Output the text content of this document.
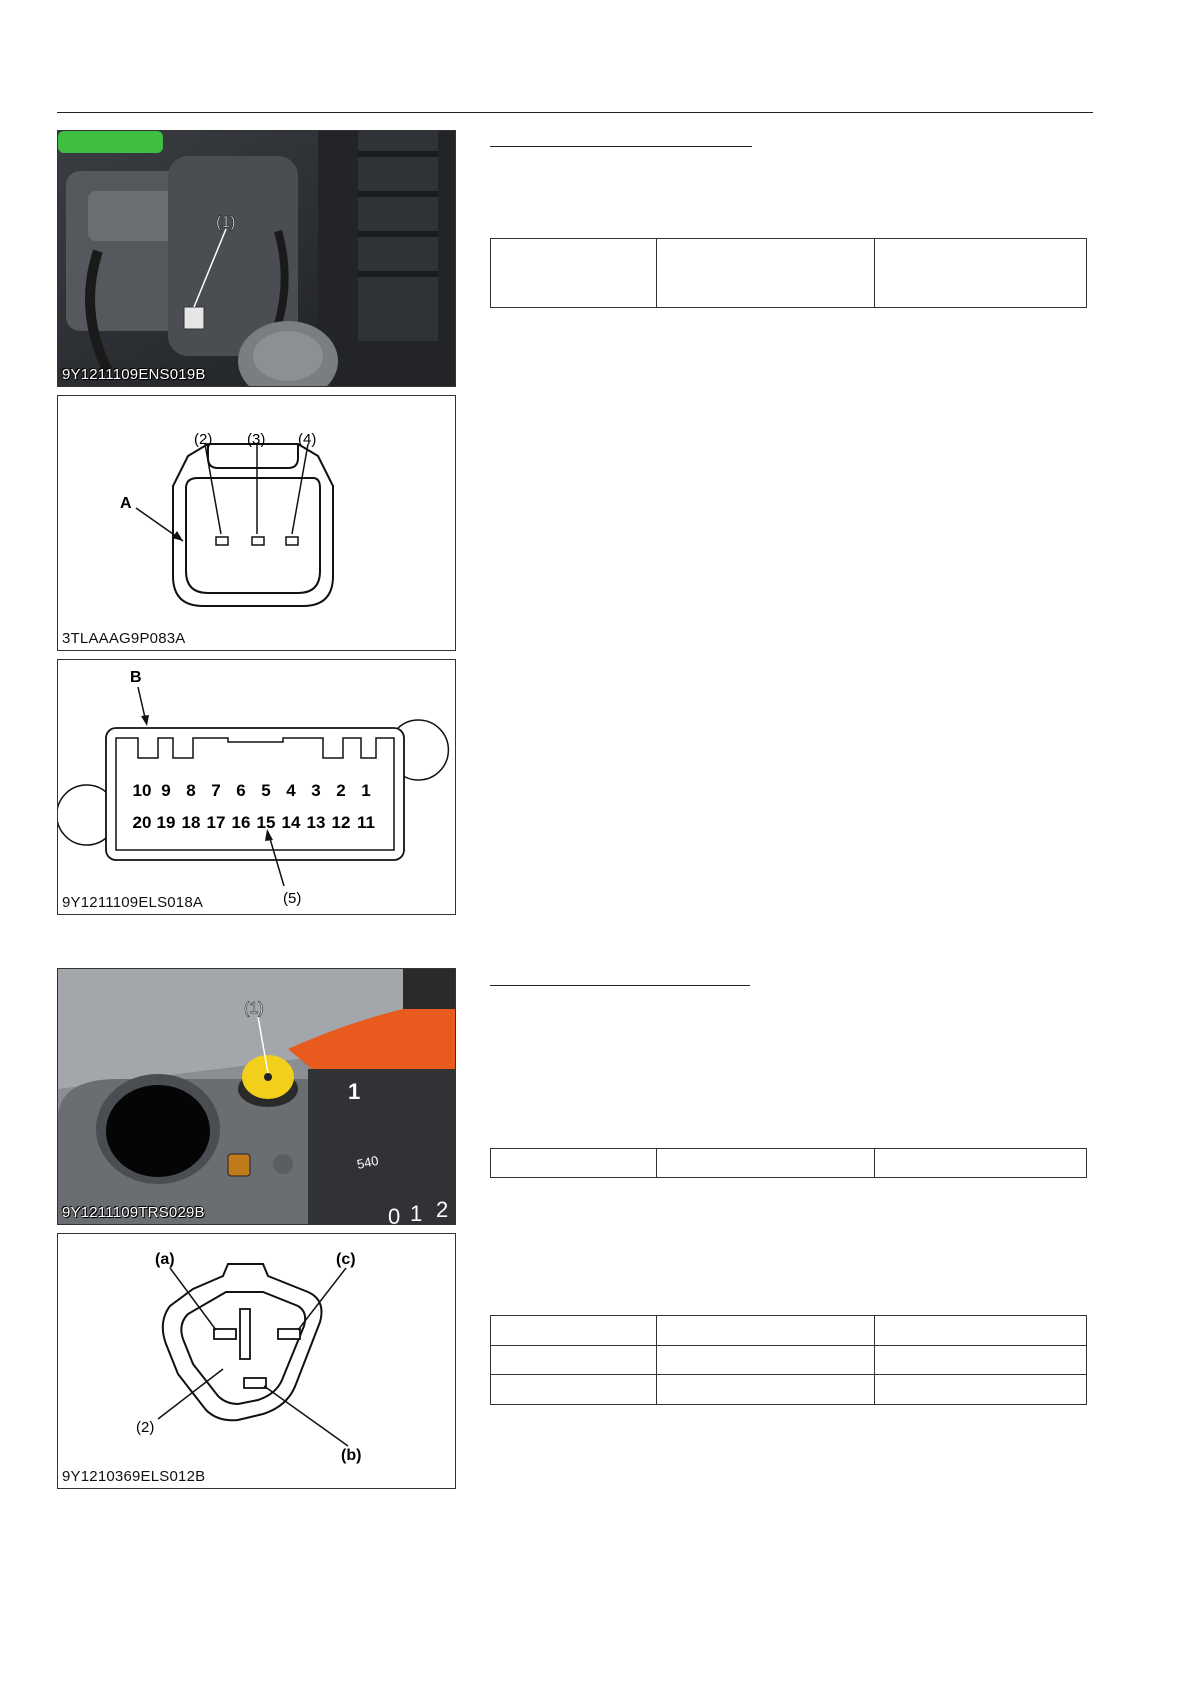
(1)
9Y1211109ENS019B
(2) (3) (4)
A
3TLAAAG9P083A
10 9 8 7 6 5 4 3 2 1
20 19 18 17 16 15 14 13 12 11
B
(5)
9Y1211109ELS018A
1
540
0 1 2
(1)
9Y1211109TRS029B
(a)	(c)
(b)
(2)
9Y1210369ELS012B
